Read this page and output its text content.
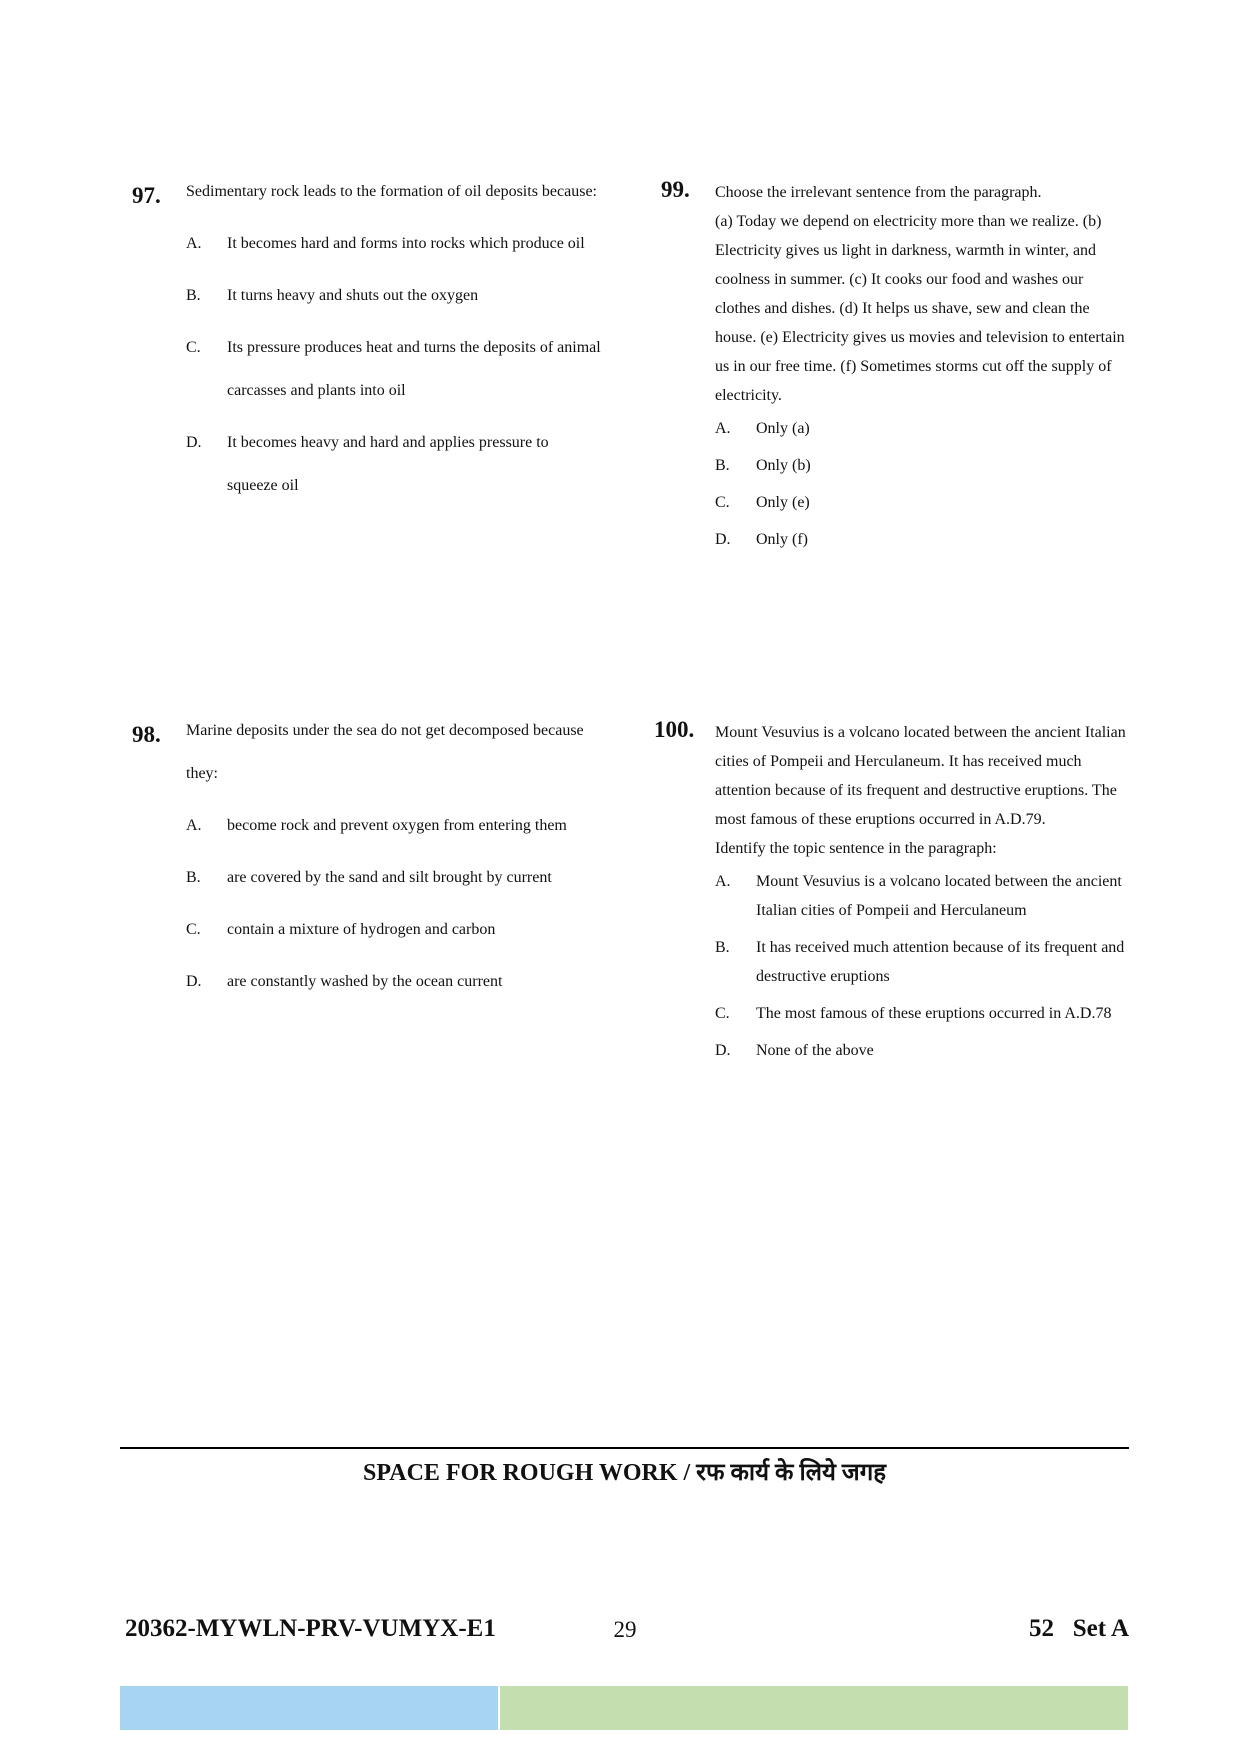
97. Sedimentary rock leads to the formation of oil deposits because:
A. It becomes hard and forms into rocks which produce oil
B. It turns heavy and shuts out the oxygen
C. Its pressure produces heat and turns the deposits of animal carcasses and plants into oil
D. It becomes heavy and hard and applies pressure to squeeze oil
98. Marine deposits under the sea do not get decomposed because they:
A. become rock and prevent oxygen from entering them
B. are covered by the sand and silt brought by current
C. contain a mixture of hydrogen and carbon
D. are constantly washed by the ocean current
99. Choose the irrelevant sentence from the paragraph.
(a) Today we depend on electricity more than we realize. (b) Electricity gives us light in darkness, warmth in winter, and coolness in summer. (c) It cooks our food and washes our clothes and dishes. (d) It helps us shave, sew and clean the house. (e) Electricity gives us movies and television to entertain us in our free time. (f) Sometimes storms cut off the supply of electricity.
A. Only (a)
B. Only (b)
C. Only (e)
D. Only (f)
100. Mount Vesuvius is a volcano located between the ancient Italian cities of Pompeii and Herculaneum. It has received much attention because of its frequent and destructive eruptions. The most famous of these eruptions occurred in A.D.79.
Identify the topic sentence in the paragraph:
A. Mount Vesuvius is a volcano located between the ancient Italian cities of Pompeii and Herculaneum
B. It has received much attention because of its frequent and destructive eruptions
C. The most famous of these eruptions occurred in A.D.78
D. None of the above
SPACE FOR ROUGH WORK / रफ कार्य के लिये जगह
20362-MYWLN-PRV-VUMYX-E1	29	52   Set A
